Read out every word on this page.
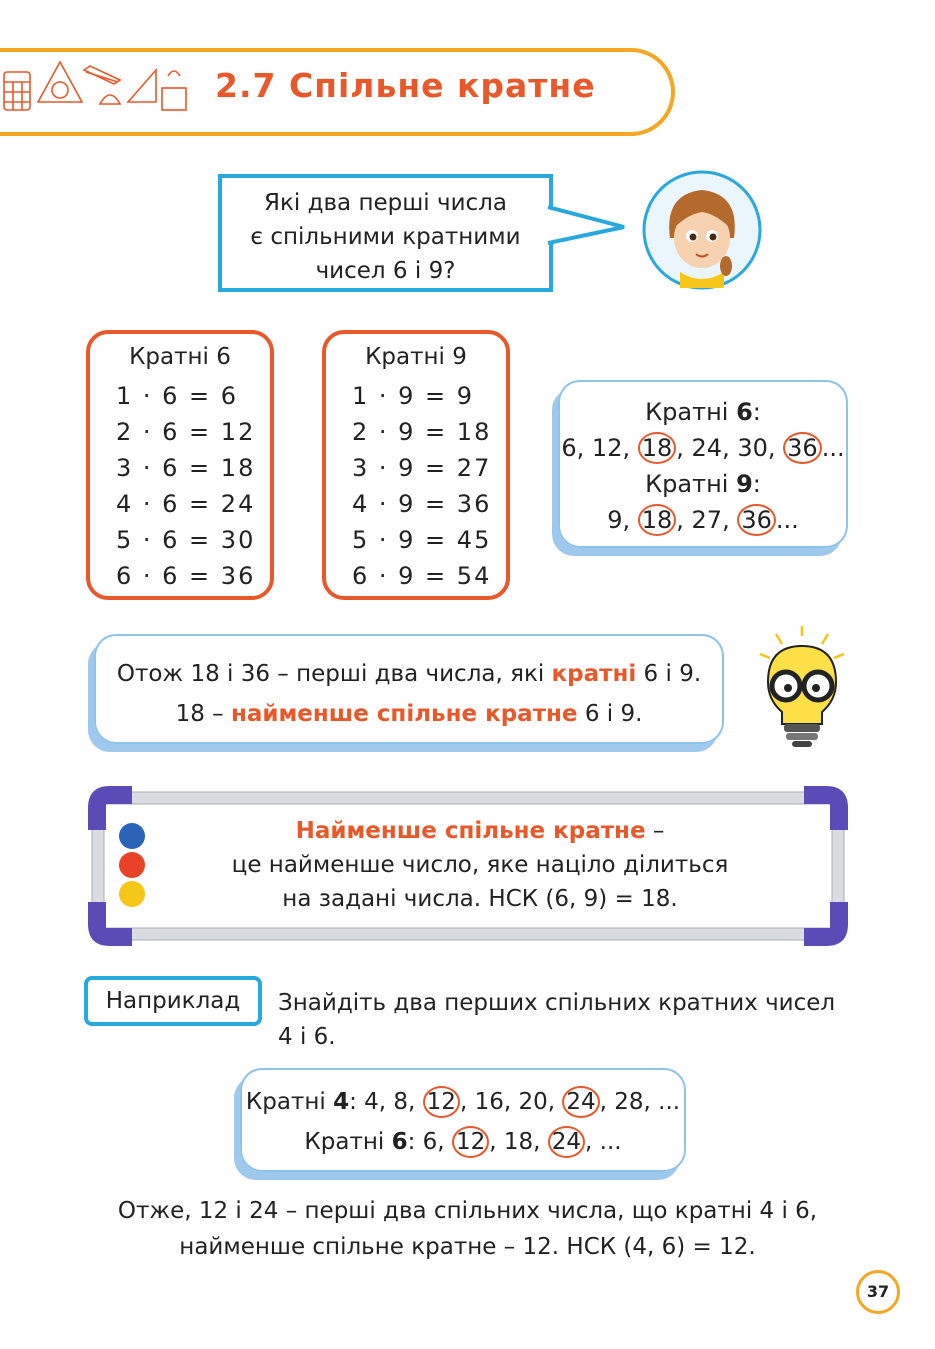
2.7 Спільне кратне
Які два перші числа
є спільними кратними
чисел 6 і 9?
Кратні 6
1 · 6 = 6
2 · 6 = 12
3 · 6 = 18
4 · 6 = 24
5 · 6 = 30
6 · 6 = 36
Кратні 9
1 · 9 = 9
2 · 9 = 18
3 · 9 = 27
4 · 9 = 36
5 · 9 = 45
6 · 9 = 54
Кратні 6:
6, 12, 18 , 24, 30, 36 ...
Кратні 9:
9, 18 , 27, 36 ...
Отож 18 і 36 – перші два числа, які кратні 6 і 9.
18 – найменше спільне кратне 6 і 9.
Найменше спільне кратне –
це найменше число, яке націло ділиться
на задані числа. НСК (6, 9) = 18.
Наприклад	Знайдіть два перших спільних кратних чисел
4 і 6.
Кратні 4: 4, 8, 12 , 16, 20, 24 , 28, ...
Кратні 6: 6, 12 , 18, 24 , ...
Отже, 12 і 24 – перші два спільних числа, що кратні 4 і 6,
найменше спільне кратне – 12. НСК (4, 6) = 12.
37
